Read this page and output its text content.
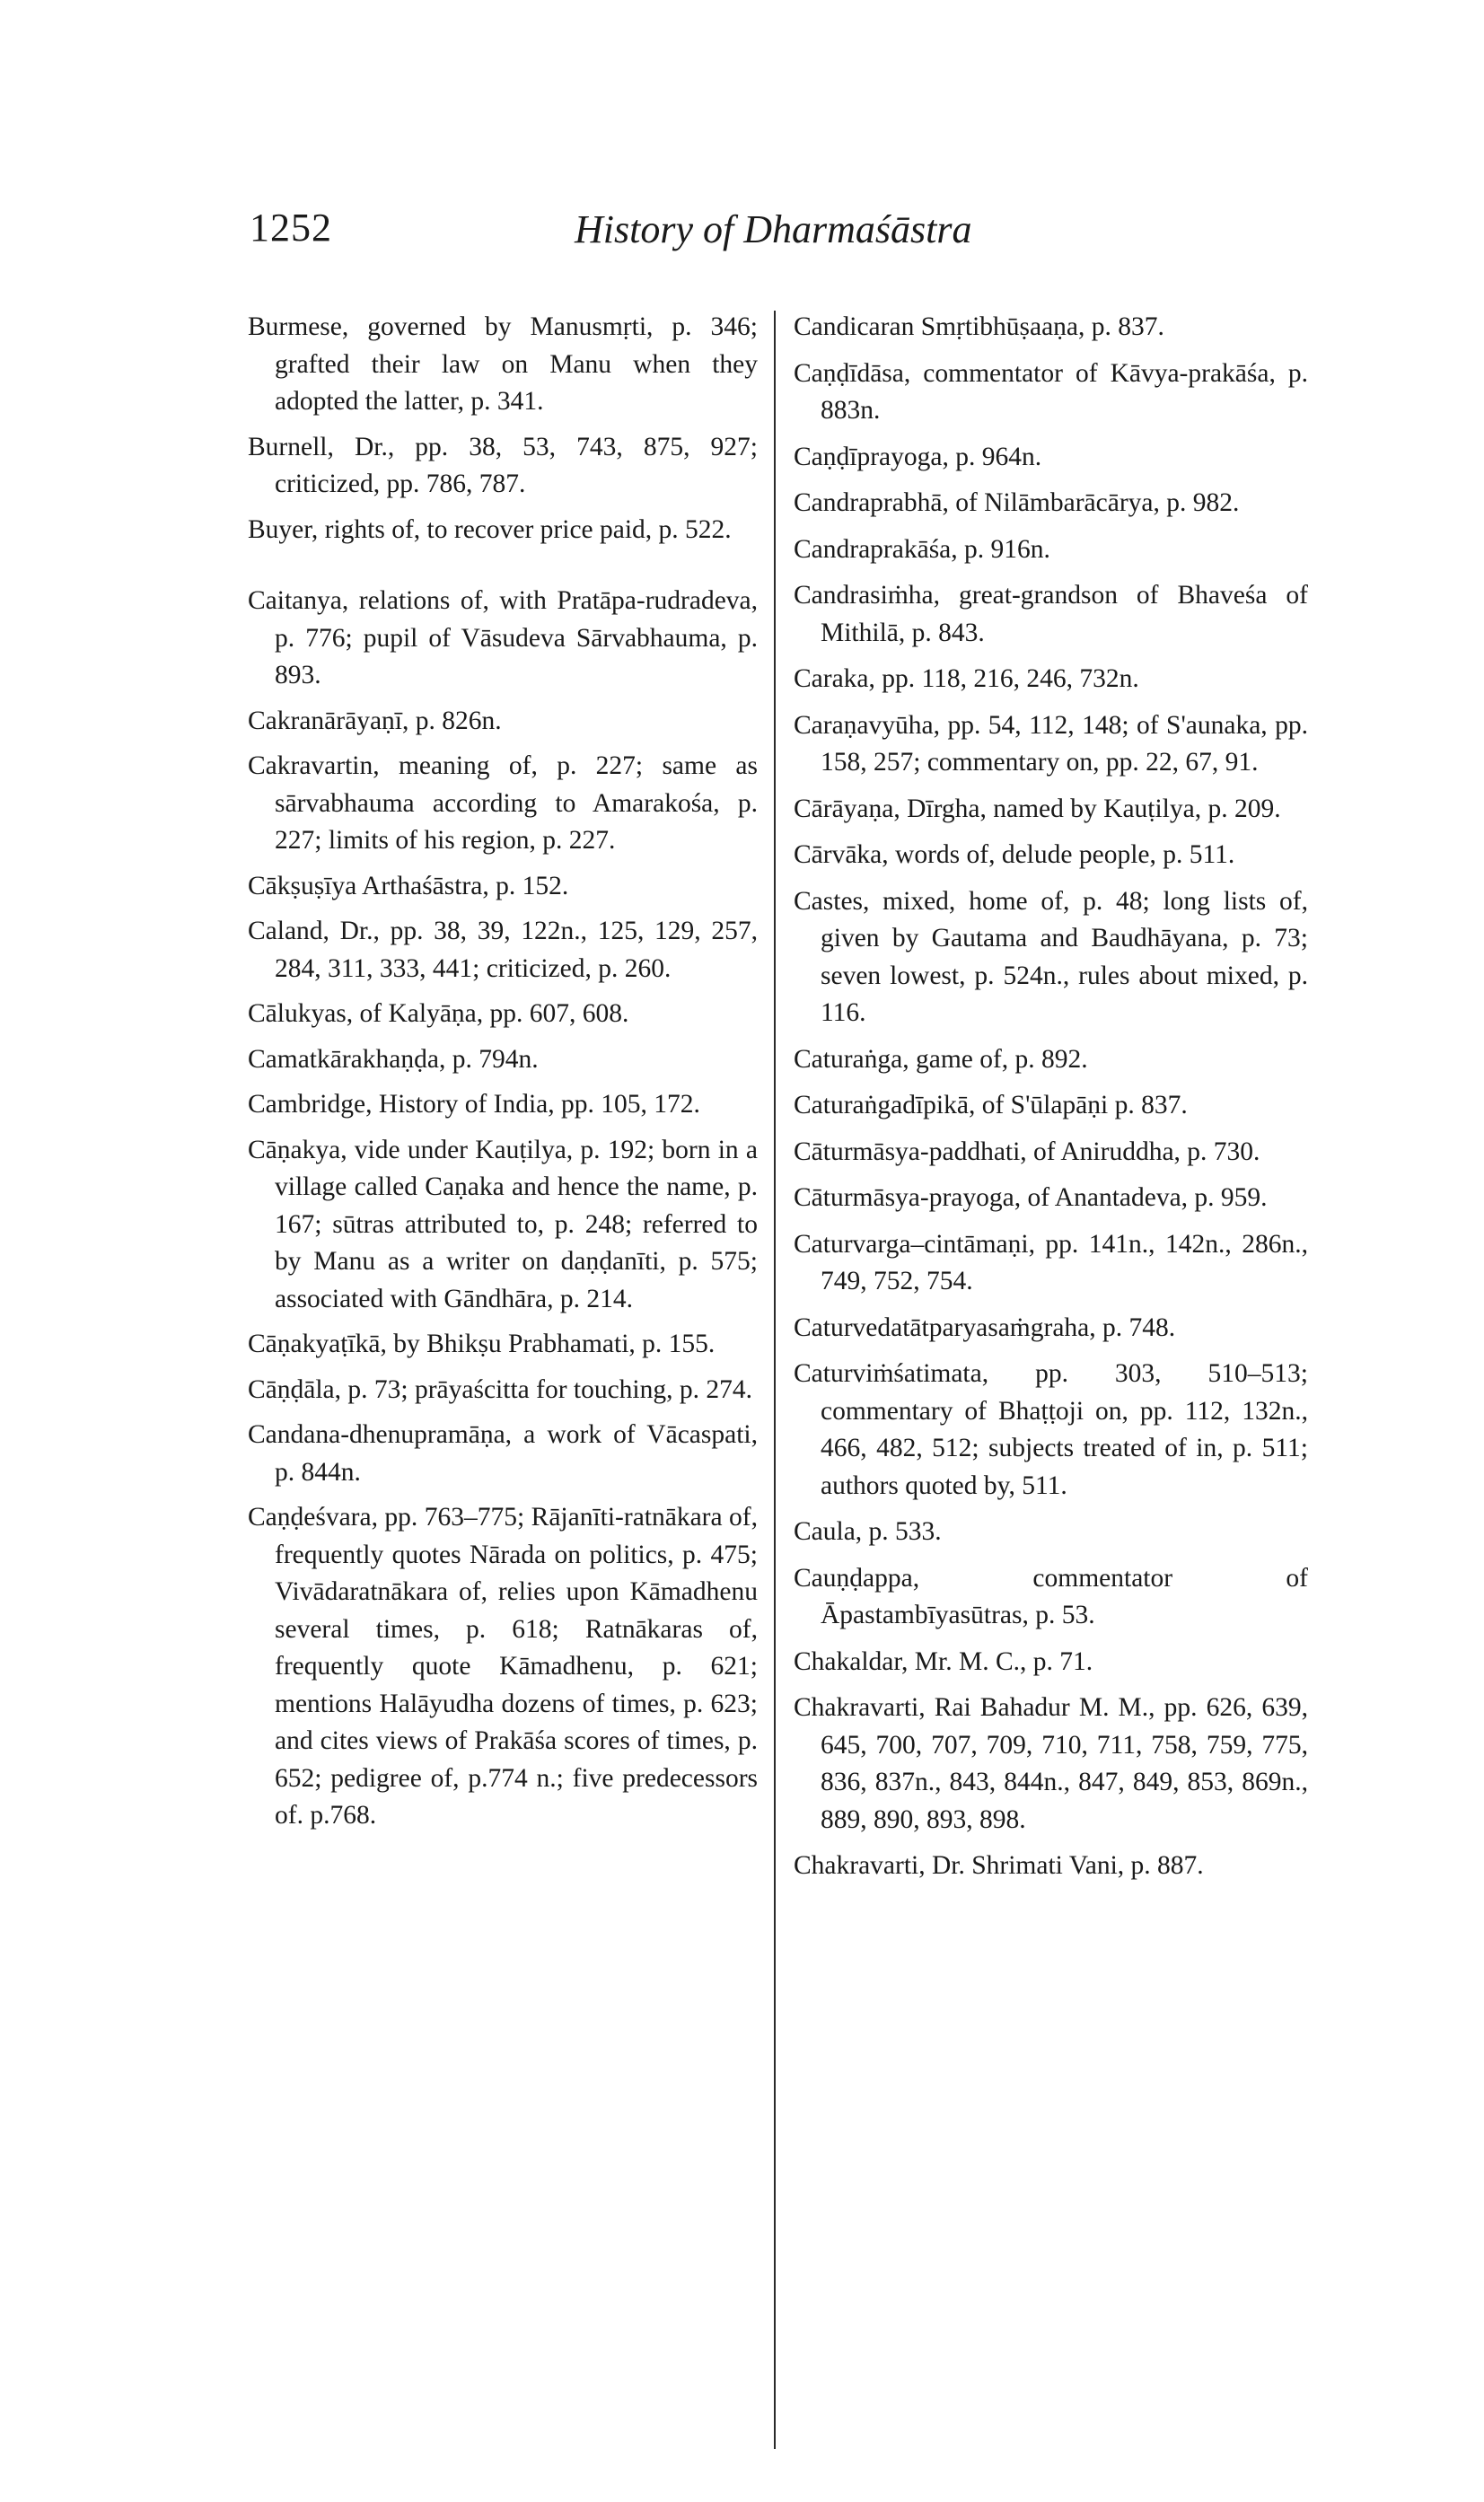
1252	History of Dharmaśāstra

Burmese, governed by Manusmṛti, p. 346; grafted their law on Manu when they adopted the latter, p. 341.

Burnell, Dr., pp. 38, 53, 743, 875, 927; criticized, pp. 786, 787.

Buyer, rights of, to recover price paid, p. 522.

Caitanya, relations of, with Pratāpa-rudradeva, p. 776; pupil of Vāsudeva Sārvabhauma, p. 893.

Cakranārāyaṇī, p. 826n.

Cakravartin, meaning of, p. 227; same as sārvabhauma according to Amarakośa, p. 227; limits of his region, p. 227.

Cākṣuṣīya Arthaśāstra, p. 152.

Caland, Dr., pp. 38, 39, 122n., 125, 129, 257, 284, 311, 333, 441; criticized, p. 260.

Cālukyas, of Kalyāṇa, pp. 607, 608.

Camatkārakhaṇḍa, p. 794n.

Cambridge, History of India, pp. 105, 172.

Cāṇakya, vide under Kauṭilya, p. 192; born in a village called Caṇaka and hence the name, p. 167; sūtras attributed to, p. 248; referred to by Manu as a writer on daṇḍanīti, p. 575; associated with Gāndhāra, p. 214.

Cāṇakyaṭīkā, by Bhikṣu Prabhamati, p. 155.

Cāṇḍāla, p. 73; prāyaścitta for touching, p. 274.

Candana-dhenupramāṇa, a work of Vācaspati, p. 844n.

Caṇḍeśvara, pp. 763–775; Rājanīti-ratnākara of, frequently quotes Nārada on politics, p. 475; Vivādaratnākara of, relies upon Kāmadhenu several times, p. 618; Ratnākaras of, frequently quote Kāmadhenu, p. 621; mentions Halāyudha dozens of times, p. 623; and cites views of Prakāśa scores of times, p. 652; pedigree of, p.774 n.; five predecessors of. p.768.

Candicaran Smṛtibhūṣaaṇa, p. 837.

Caṇḍīdāsa, commentator of Kāvya-prakāśa, p. 883n.

Caṇḍīprayoga, p. 964n.

Candraprabhā, of Nilāmbarācārya, p. 982.

Candraprakāśa, p. 916n.

Candrasiṁha, great-grandson of Bhaveśa of Mithilā, p. 843.

Caraka, pp. 118, 216, 246, 732n.

Caraṇavyūha, pp. 54, 112, 148; of S'aunaka, pp. 158, 257; commentary on, pp. 22, 67, 91.

Cārāyaṇa, Dīrgha, named by Kauṭilya, p. 209.

Cārvāka, words of, delude people, p. 511.

Castes, mixed, home of, p. 48; long lists of, given by Gautama and Baudhāyana, p. 73; seven lowest, p. 524n., rules about mixed, p. 116.

Caturaṅga, game of, p. 892.

Caturaṅgadīpikā, of S'ūlapāṇi p. 837.

Cāturmāsya-paddhati, of Aniruddha, p. 730.

Cāturmāsya-prayoga, of Anantadeva, p. 959.

Caturvarga–cintāmaṇi, pp. 141n., 142n., 286n., 749, 752, 754.

Caturvedatātparyasaṁgraha, p. 748.

Caturviṁśatimata, pp. 303, 510–513; commentary of Bhaṭṭoji on, pp. 112, 132n., 466, 482, 512; subjects treated of in, p. 511; authors quoted by, 511.

Caula, p. 533.

Cauṇḍappa, commentator of Āpastambīyasūtras, p. 53.

Chakaldar, Mr. M. C., p. 71.

Chakravarti, Rai Bahadur M. M., pp. 626, 639, 645, 700, 707, 709, 710, 711, 758, 759, 775, 836, 837n., 843, 844n., 847, 849, 853, 869n., 889, 890, 893, 898.

Chakravarti, Dr. Shrimati Vani, p. 887.
